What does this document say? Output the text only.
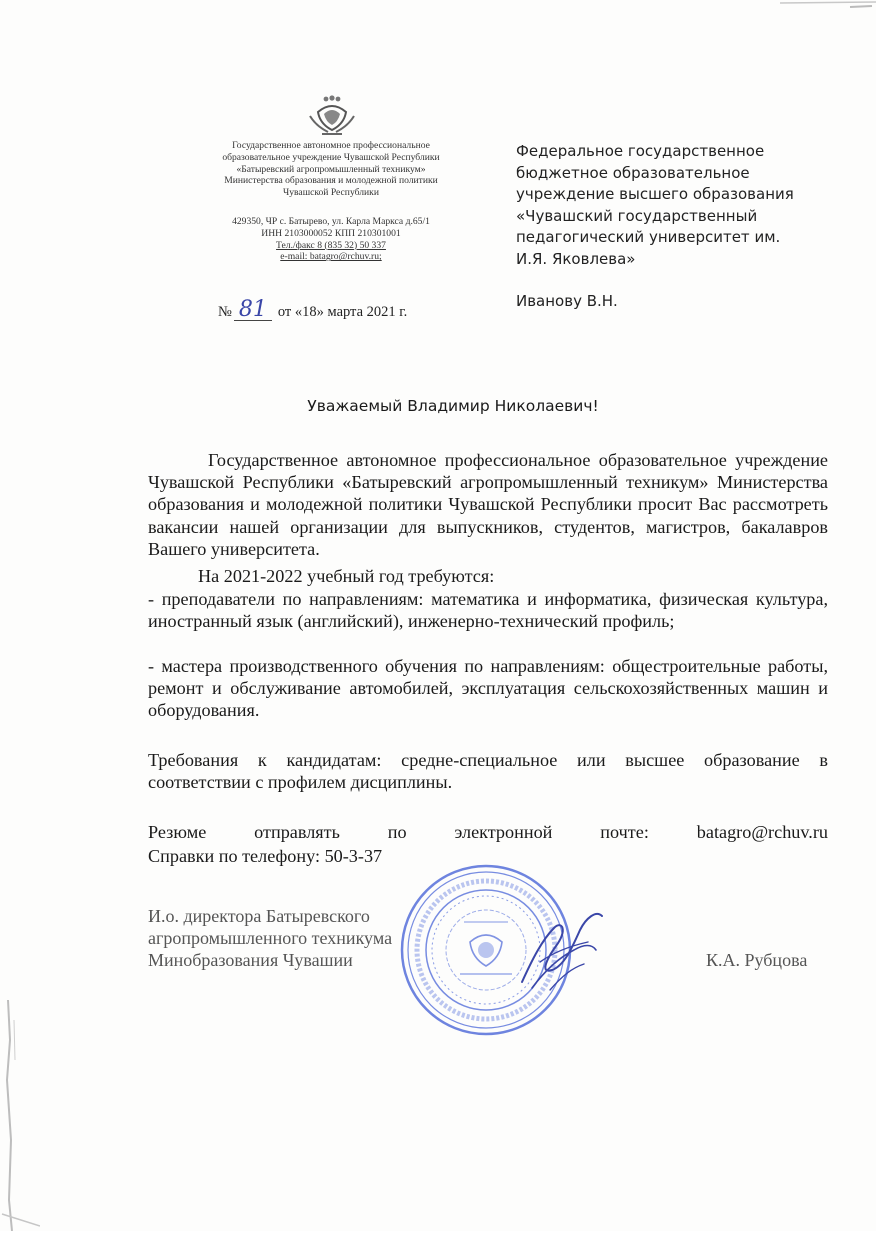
Государственное автономное профессиональное
образовательное учреждение Чувашской Республики
«Батыревский агропромышленный техникум»
Министерства образования и молодежной политики
Чувашской Республики
429350, ЧР с. Батырево, ул. Карла Маркса д.65/1
ИНН 2103000052 КПП 210301001
Тел./факс 8 (835 32) 50 337
e-mail: batagro@rchuv.ru;
№ 81 от «18» марта 2021 г.
Федеральное государственное
бюджетное образовательное
учреждение высшего образования
«Чувашский государственный
педагогический университет им.
И.Я. Яковлева»
Иванову В.Н.
Уважаемый Владимир Николаевич!
Государственное автономное профессиональное образовательное учреждение Чувашской Республики «Батыревский агропромышленный техникум» Министерства образования и молодежной политики Чувашской Республики просит Вас рассмотреть вакансии нашей организации для выпускников, студентов, магистров, бакалавров Вашего университета.
На 2021-2022 учебный год требуются:
- преподаватели по направлениям: математика и информатика, физическая культура, иностранный язык (английский), инженерно-технический профиль;
- мастера производственного обучения по направлениям: общестроительные работы, ремонт и обслуживание автомобилей, эксплуатация сельскохозяйственных машин и оборудования.
Требования к кандидатам: средне-специальное или высшее образование в соответствии с профилем дисциплины.
Резюме отправлять по электронной почте: batagro@rchuv.ru
Справки по телефону: 50-3-37
И.о. директора Батыревского
агропромышленного техникума
Минобразования Чувашии	К.А. Рубцова
